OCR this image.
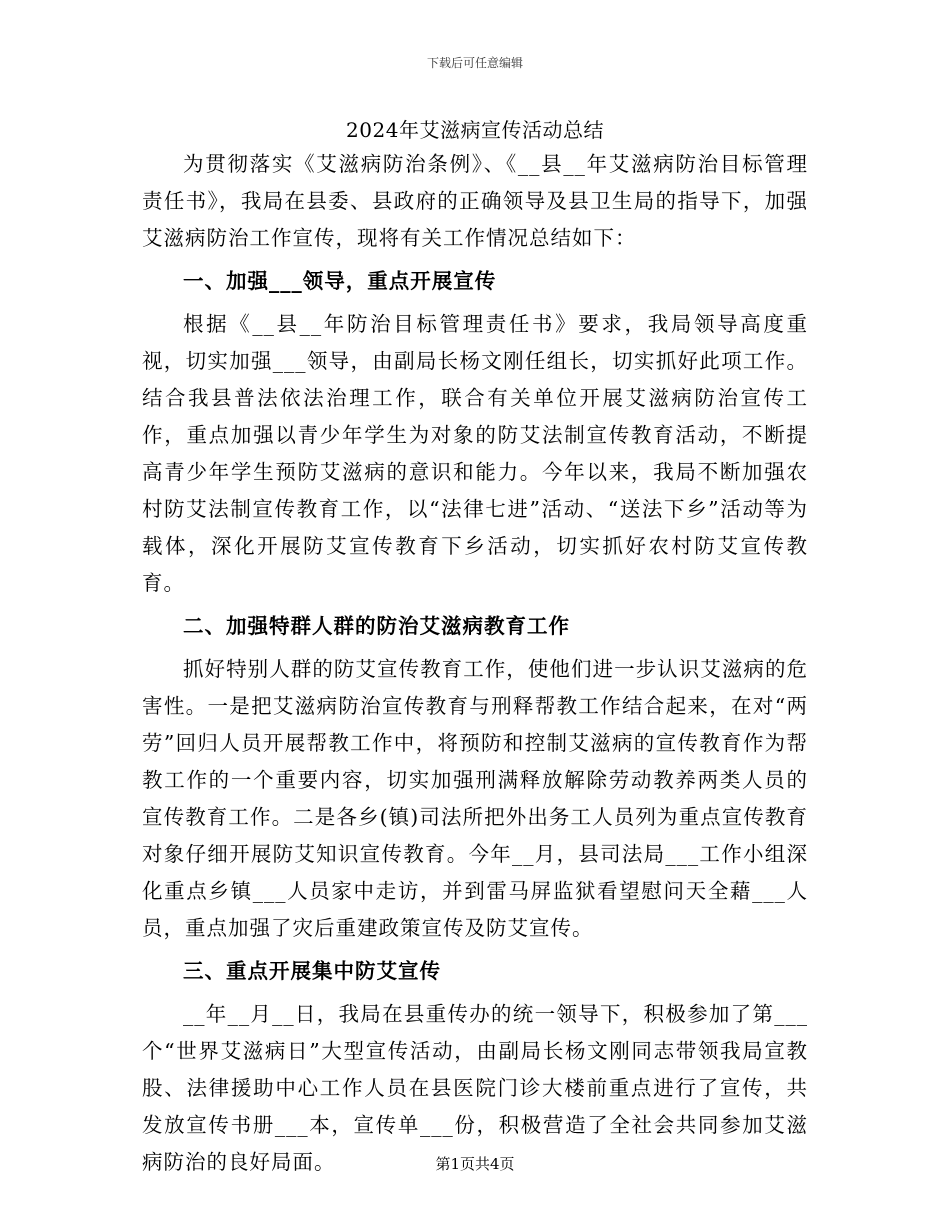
下载后可任意编辑
2024年艾滋病宣传活动总结

为贯彻落实《艾滋病防治条例》、《__县__年艾滋病防治目标管理责任书》，我局在县委、县政府的正确领导及县卫生局的指导下，加强艾滋病防治工作宣传，现将有关工作情况总结如下：

一、加强___领导，重点开展宣传

根据《__县__年防治目标管理责任书》要求，我局领导高度重视，切实加强___领导，由副局长杨文刚任组长，切实抓好此项工作。结合我县普法依法治理工作，联合有关单位开展艾滋病防治宣传工作，重点加强以青少年学生为对象的防艾法制宣传教育活动，不断提高青少年学生预防艾滋病的意识和能力。今年以来，我局不断加强农村防艾法制宣传教育工作，以“法律七进”活动、“送法下乡”活动等为载体，深化开展防艾宣传教育下乡活动，切实抓好农村防艾宣传教育。

二、加强特群人群的防治艾滋病教育工作

抓好特别人群的防艾宣传教育工作，使他们进一步认识艾滋病的危害性。一是把艾滋病防治宣传教育与刑释帮教工作结合起来，在对“两劳”回归人员开展帮教工作中，将预防和控制艾滋病的宣传教育作为帮教工作的一个重要内容，切实加强刑满释放解除劳动教养两类人员的宣传教育工作。二是各乡(镇)司法所把外出务工人员列为重点宣传教育对象仔细开展防艾知识宣传教育。今年__月，县司法局___工作小组深化重点乡镇___人员家中走访，并到雷马屏监狱看望慰问天全藉___人员，重点加强了灾后重建政策宣传及防艾宣传。

三、重点开展集中防艾宣传

__年__月__日，我局在县重传办的统一领导下，积极参加了第___个“世界艾滋病日”大型宣传活动，由副局长杨文刚同志带领我局宣教股、法律援助中心工作人员在县医院门诊大楼前重点进行了宣传，共发放宣传书册___本，宣传单___份，积极营造了全社会共同参加艾滋病防治的良好局面。	第1页共4页
